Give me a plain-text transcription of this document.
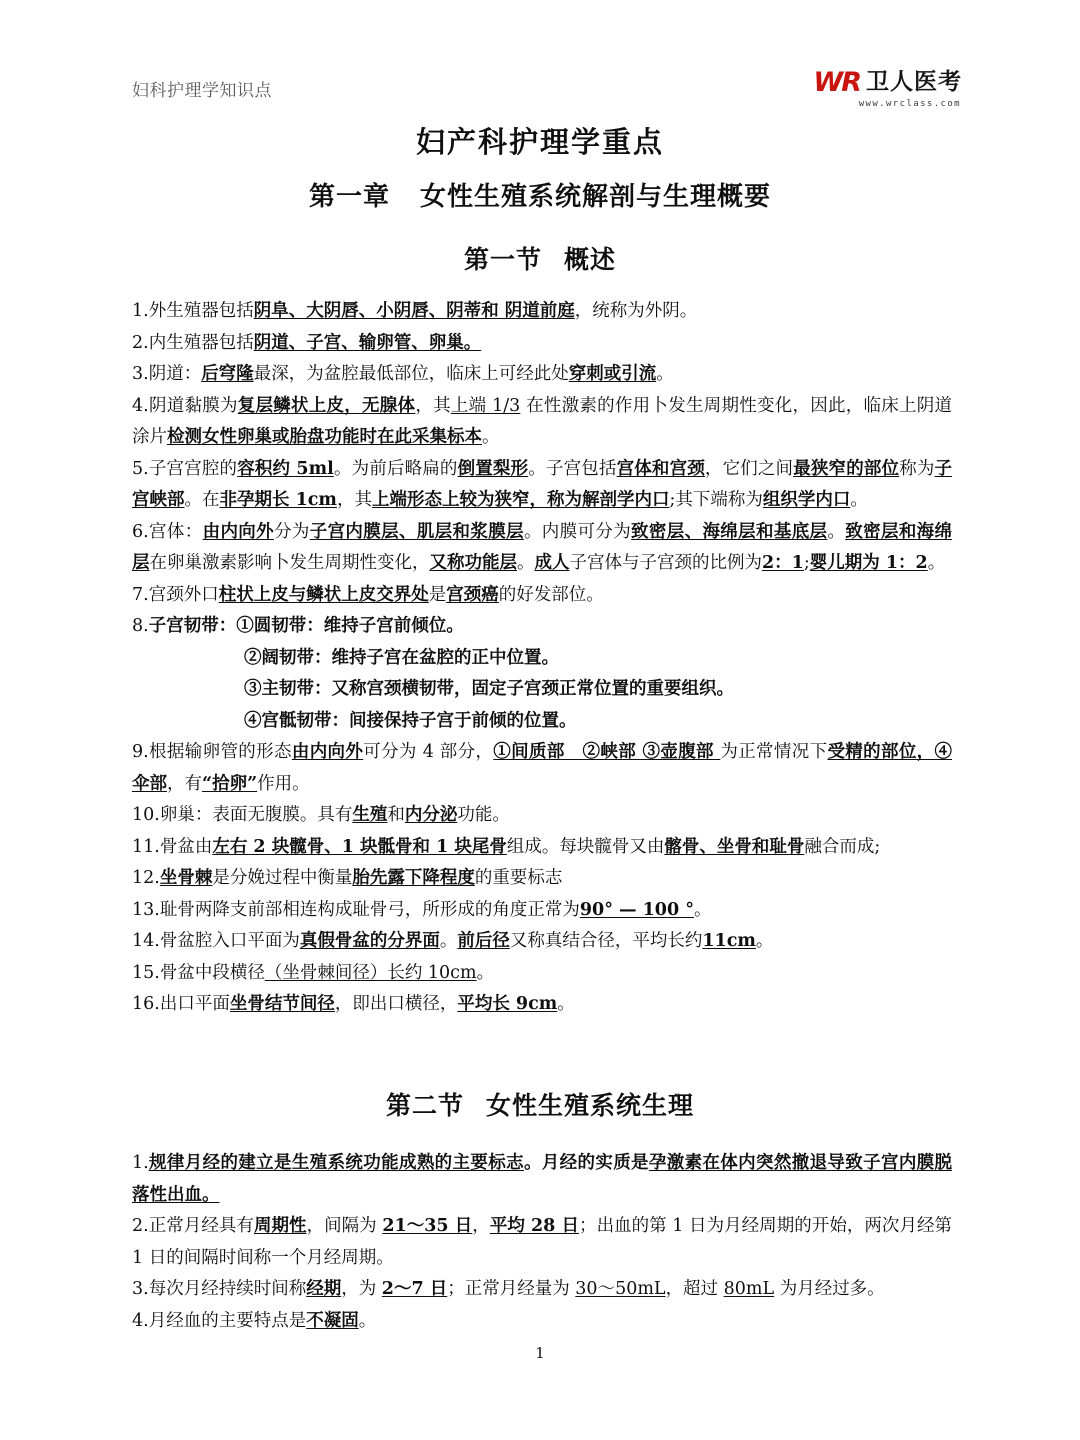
妇科护理学知识点	WR 卫人医考
www.wrclass.com
妇产科护理学重点
第一章 女性生殖系统解剖与生理概要
第一节 概述

1.外生殖器包括阴阜、大阴唇、小阴唇、阴蒂和 阴道前庭，统称为外阴。

2.内生殖器包括阴道、子宫、输卵管、卵巢。

3.阴道：后穹隆最深，为盆腔最低部位，临床上可经此处穿刺或引流。

4.阴道黏膜为复层鳞状上皮，无腺体，其上端 1/3 在性激素的作用卜发生周期性变化，因此，临床上阴道涂片检测女性卵巢或胎盘功能时在此采集标本。

5.子宫宫腔的容积约 5ml。为前后略扁的倒置梨形。子宫包括宫体和宫颈，它们之间最狭窄的部位称为子宫峡部。在非孕期长 1cm，其上端形态上较为狭窄，称为解剖学内口;其下端称为组织学内口。

6.宫体：由内向外分为子宫内膜层、肌层和浆膜层。内膜可分为致密层、海绵层和基底层。致密层和海绵层在卵巢激素影响卜发生周期性变化，又称功能层。成人子宫体与子宫颈的比例为2：1;婴儿期为 1：2。

7.宫颈外口柱状上皮与鳞状上皮交界处是宫颈癌的好发部位。

8.子宫韧带：①圆韧带：维持子宫前倾位。

②阔韧带：维持子宫在盆腔的正中位置。

③主韧带：又称宫颈横韧带，固定子宫颈正常位置的重要组织。

④宫骶韧带：间接保持子宫于前倾的位置。

9.根据输卵管的形态由内向外可分为 4 部分，①间质部　②峡部 ③壶腹部 为正常情况下受精的部位，④伞部，有“拾卵”作用。

10.卵巢：表面无腹膜。具有生殖和内分泌功能。

11.骨盆由左右 2 块髋骨、1 块骶骨和 1 块尾骨组成。每块髋骨又由髂骨、坐骨和耻骨融合而成;

12.坐骨棘是分娩过程中衡量胎先露下降程度的重要标志

13.耻骨两降支前部相连构成耻骨弓，所形成的角度正常为90° — 100 °。

14.骨盆腔入口平面为真假骨盆的分界面。前后径又称真结合径，平均长约11cm。

15.骨盆中段横径（坐骨棘间径）长约 10cm。

16.出口平面坐骨结节间径，即出口横径，平均长 9cm。

第二节 女性生殖系统生理

1.规律月经的建立是生殖系统功能成熟的主要标志。月经的实质是孕激素在体内突然撤退导致子宫内膜脱落性出血。

2.正常月经具有周期性，间隔为 21～35 日，平均 28 日；出血的第 1 日为月经周期的开始，两次月经第 1 日的间隔时间称一个月经周期。

3.每次月经持续时间称经期，为 2～7 日；正常月经量为 30～50mL，超过 80mL 为月经过多。

4.月经血的主要特点是不凝固。

1
